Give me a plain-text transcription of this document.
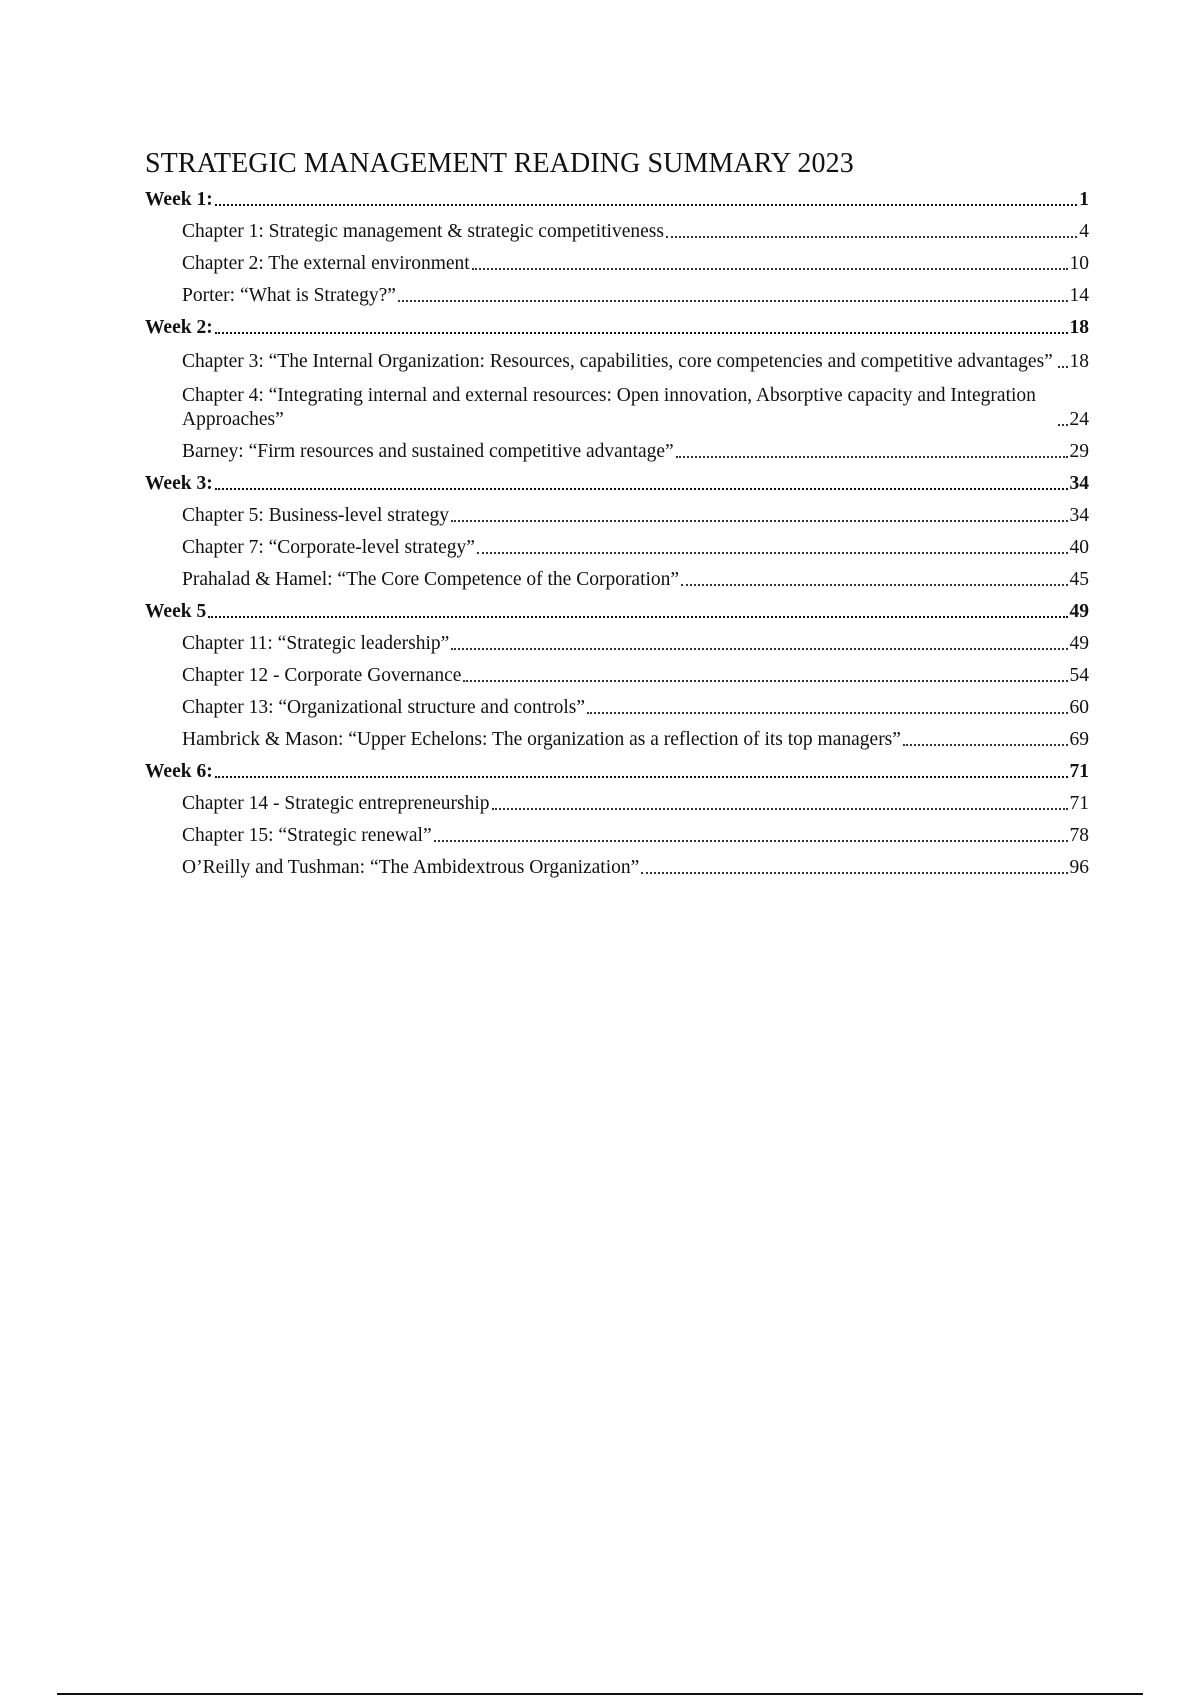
STRATEGIC MANAGEMENT READING SUMMARY 2023
Week 1:	1
Chapter 1: Strategic management & strategic competitiveness	4
Chapter 2: The external environment	10
Porter: “What is Strategy?”	14
Week 2:	18
Chapter 3: “The Internal Organization: Resources, capabilities, core competencies and competitive advantages” 18
Chapter 4: “Integrating internal and external resources: Open innovation, Absorptive capacity and Integration Approaches”	24
Barney: “Firm resources and sustained competitive advantage”	29
Week 3:	34
Chapter 5: Business-level strategy	34
Chapter 7: “Corporate-level strategy”	40
Prahalad & Hamel: “The Core Competence of the Corporation”	45
Week 5	49
Chapter 11: “Strategic leadership”	49
Chapter 12 - Corporate Governance	54
Chapter 13: “Organizational structure and controls”	60
Hambrick & Mason: “Upper Echelons: The organization as a reflection of its top managers”	69
Week 6:	71
Chapter 14 - Strategic entrepreneurship	71
Chapter 15: “Strategic renewal”	78
O’Reilly and Tushman: “The Ambidextrous Organization”	96
